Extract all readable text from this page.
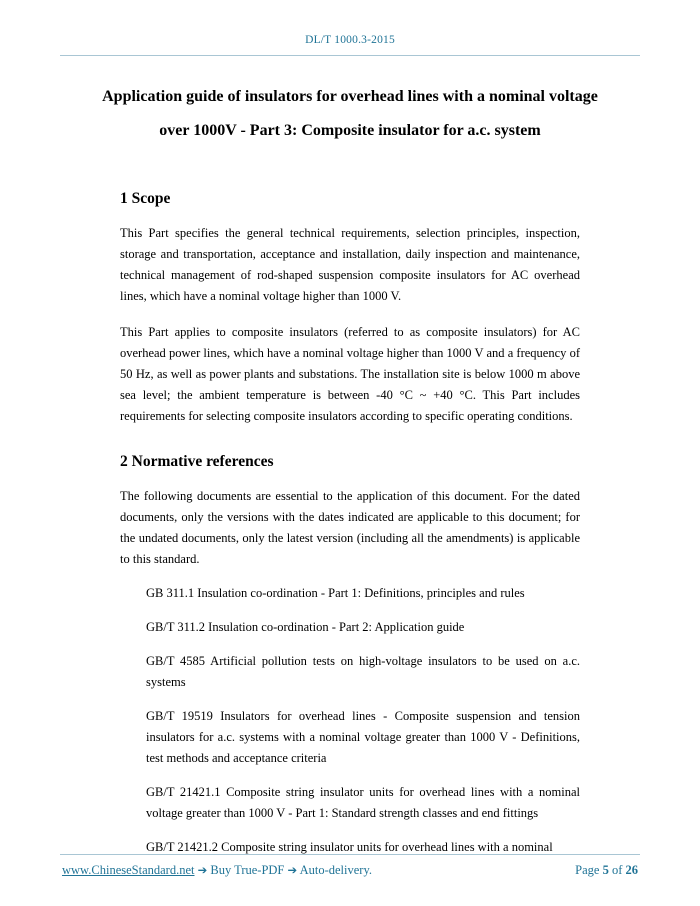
DL/T 1000.3-2015
Application guide of insulators for overhead lines with a nominal voltage over 1000V - Part 3: Composite insulator for a.c. system
1 Scope

This Part specifies the general technical requirements, selection principles, inspection, storage and transportation, acceptance and installation, daily inspection and maintenance, technical management of rod-shaped suspension composite insulators for AC overhead lines, which have a nominal voltage higher than 1000 V.

This Part applies to composite insulators (referred to as composite insulators) for AC overhead power lines, which have a nominal voltage higher than 1000 V and a frequency of 50 Hz, as well as power plants and substations. The installation site is below 1000 m above sea level; the ambient temperature is between -40 °C ~ +40 °C. This Part includes requirements for selecting composite insulators according to specific operating conditions.

2 Normative references

The following documents are essential to the application of this document. For the dated documents, only the versions with the dates indicated are applicable to this document; for the undated documents, only the latest version (including all the amendments) is applicable to this standard.

GB 311.1 Insulation co-ordination - Part 1: Definitions, principles and rules

GB/T 311.2 Insulation co-ordination - Part 2: Application guide

GB/T 4585 Artificial pollution tests on high-voltage insulators to be used on a.c. systems

GB/T 19519 Insulators for overhead lines - Composite suspension and tension insulators for a.c. systems with a nominal voltage greater than 1000 V - Definitions, test methods and acceptance criteria

GB/T 21421.1 Composite string insulator units for overhead lines with a nominal voltage greater than 1000 V - Part 1: Standard strength classes and end fittings

GB/T 21421.2 Composite string insulator units for overhead lines with a nominal

www.ChineseStandard.net ➔ Buy True-PDF ➔ Auto-delivery.	Page 5 of 26
